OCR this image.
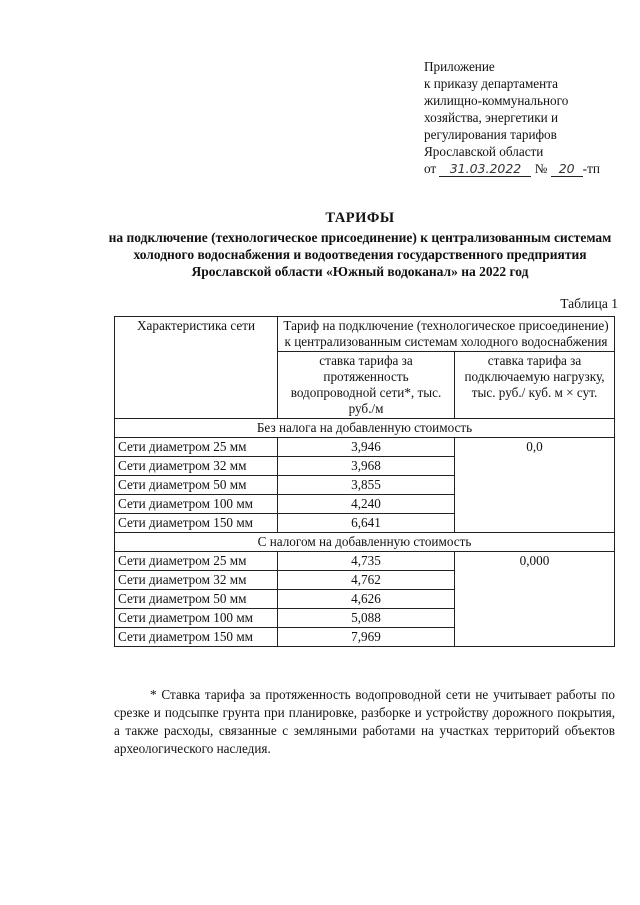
Приложение
к приказу департамента
жилищно-коммунального
хозяйства, энергетики и
регулирования тарифов
Ярославской области
от 31.03.2022 № 20 -тп
ТАРИФЫ
на подключение (технологическое присоединение) к централизованным системам холодного водоснабжения и водоотведения государственного предприятия Ярославской области «Южный водоканал» на 2022 год
Таблица 1
Характеристика сети	Тариф на подключение (технологическое присоединение) к централизованным системам холодного водоснабжения	
	ставка тарифа за протяженность водопроводной сети*, тыс. руб./м	ставка тарифа за подключаемую нагрузку, тыс. руб./ куб. м × сут.
Без налога на добавленную стоимость		
Сети диаметром 25 мм	3,946	0,0
Сети диаметром 32 мм	3,968	
Сети диаметром 50 мм	3,855	
Сети диаметром 100 мм	4,240	
Сети диаметром 150 мм	6,641	
С налогом на добавленную стоимость		
Сети диаметром 25 мм	4,735	0,000
Сети диаметром 32 мм	4,762	
Сети диаметром 50 мм	4,626	
Сети диаметром 100 мм	5,088	
Сети диаметром 150 мм	7,969	
* Ставка тарифа за протяженность водопроводной сети не учитывает работы по срезке и подсыпке грунта при планировке, разборке и устройству дорожного покрытия, а также расходы, связанные с земляными работами на участках территорий объектов археологического наследия.
